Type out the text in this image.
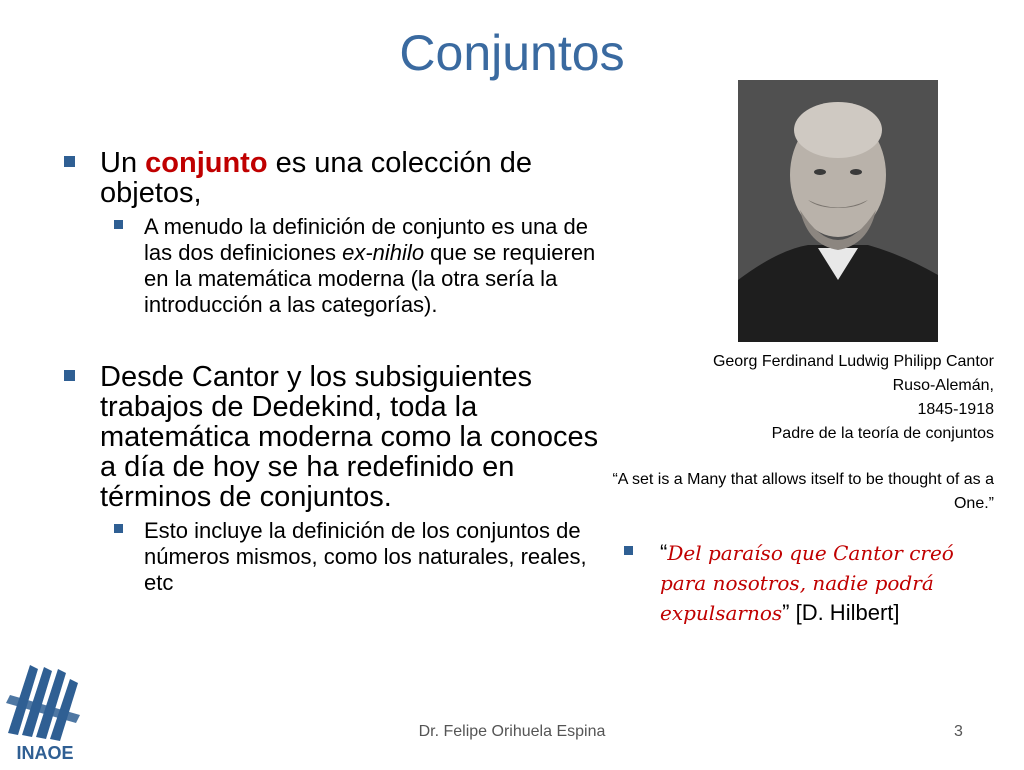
Conjuntos
Un conjunto es una colección de objetos,
A menudo la definición de conjunto es una de las dos definiciones ex-nihilo que se requieren en la matemática moderna (la otra sería la introducción a las categorías).
Desde Cantor y los subsiguientes trabajos de Dedekind, toda la matemática moderna como la conoces a día de hoy se ha redefinido en términos de conjuntos.
Esto incluye la definición de los conjuntos de números mismos, como los naturales, reales, etc
Georg Ferdinand Ludwig Philipp Cantor
Ruso-Alemán,
1845-1918
Padre de la teoría de conjuntos
“A set is a Many that allows itself to be thought of as a One.”
“Del paraíso que Cantor creó para nosotros, nadie podrá expulsarnos” [D. Hilbert]
INAOE
Dr. Felipe Orihuela Espina	3
